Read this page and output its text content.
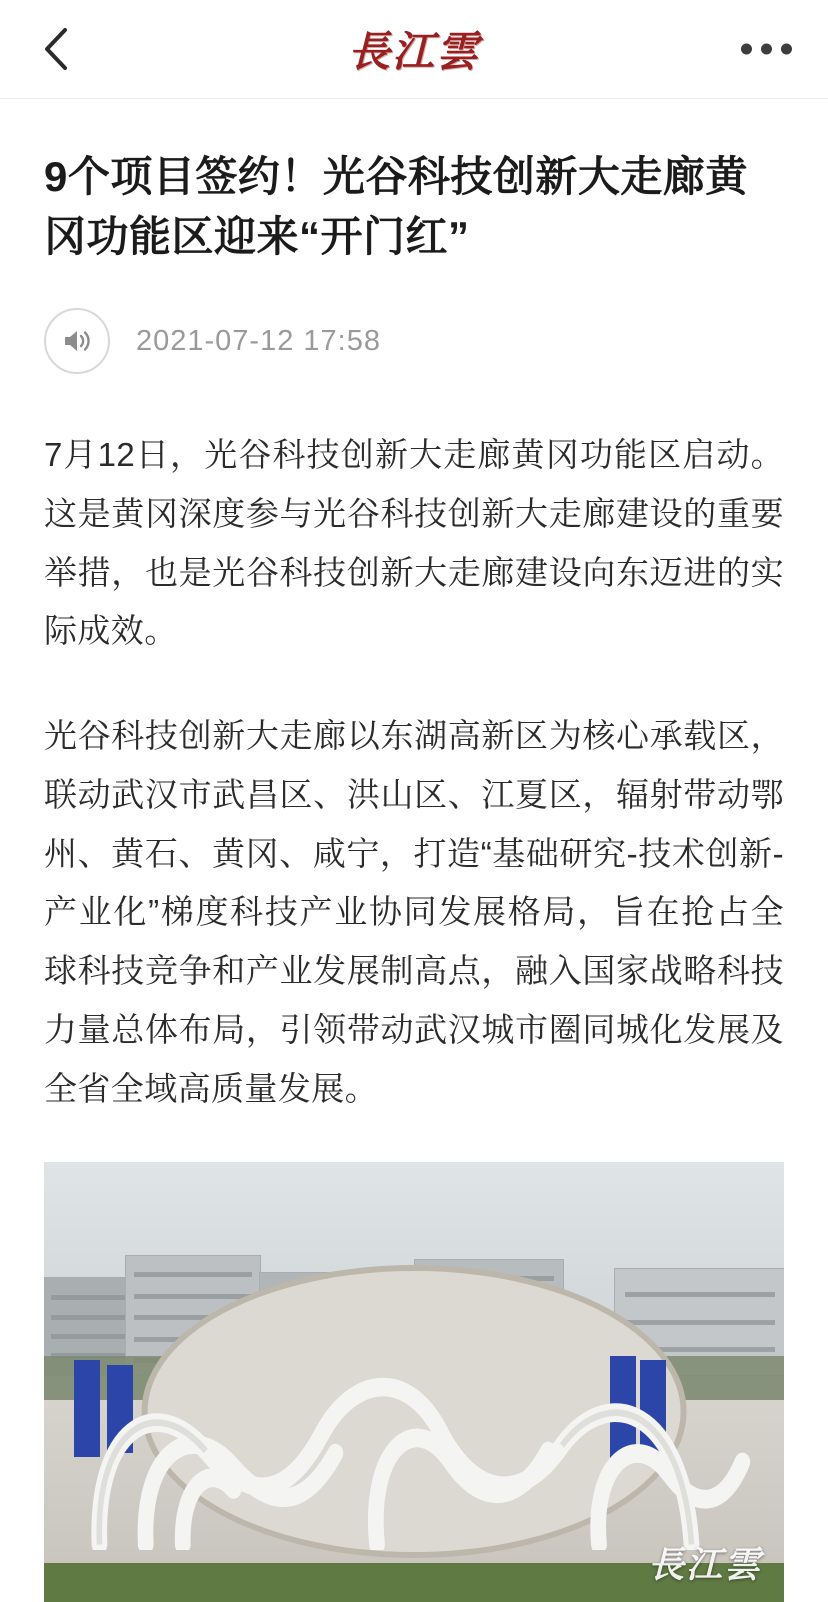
長江雲
9个项目签约！光谷科技创新大走廊黄冈功能区迎来“开门红”
2021-07-12 17:58

7月12日，光谷科技创新大走廊黄冈功能区启动。这是黄冈深度参与光谷科技创新大走廊建设的重要举措，也是光谷科技创新大走廊建设向东迈进的实际成效。

光谷科技创新大走廊以东湖高新区为核心承载区，联动武汉市武昌区、洪山区、江夏区，辐射带动鄂州、黄石、黄冈、咸宁，打造“基础研究-技术创新-产业化”梯度科技产业协同发展格局，旨在抢占全球科技竞争和产业发展制高点，融入国家战略科技力量总体布局，引领带动武汉城市圈同城化发展及全省全域高质量发展。

長江雲
